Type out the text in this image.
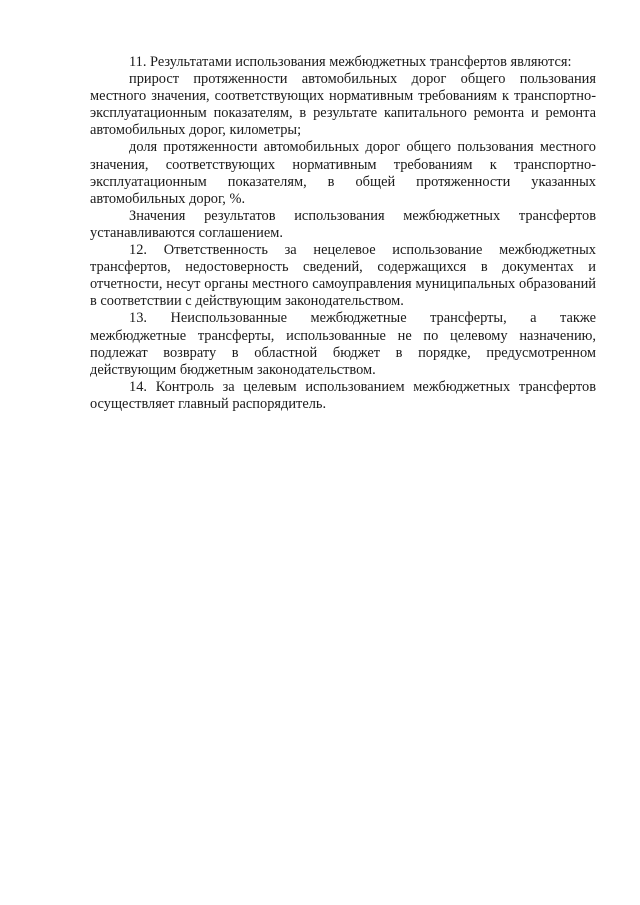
11. Результатами использования межбюджетных трансфертов являются:

прирост протяженности автомобильных дорог общего пользования местного значения, соответствующих нормативным требованиям к транспортно-эксплуатационным показателям, в результате капитального ремонта и ремонта автомобильных дорог, километры;

доля протяженности автомобильных дорог общего пользования местного значения, соответствующих нормативным требованиям к транспортно-эксплуатационным показателям, в общей протяженности указанных автомобильных дорог, %.

Значения результатов использования межбюджетных трансфертов устанавливаются соглашением.

12. Ответственность за нецелевое использование межбюджетных трансфертов, недостоверность сведений, содержащихся в документах и отчетности, несут органы местного самоуправления муниципальных образований в соответствии с действующим законодательством.

13. Неиспользованные межбюджетные трансферты, а также межбюджетные трансферты, использованные не по целевому назначению, подлежат возврату в областной бюджет в порядке, предусмотренном действующим бюджетным законодательством.

14. Контроль за целевым использованием межбюджетных трансфертов осуществляет главный распорядитель.
